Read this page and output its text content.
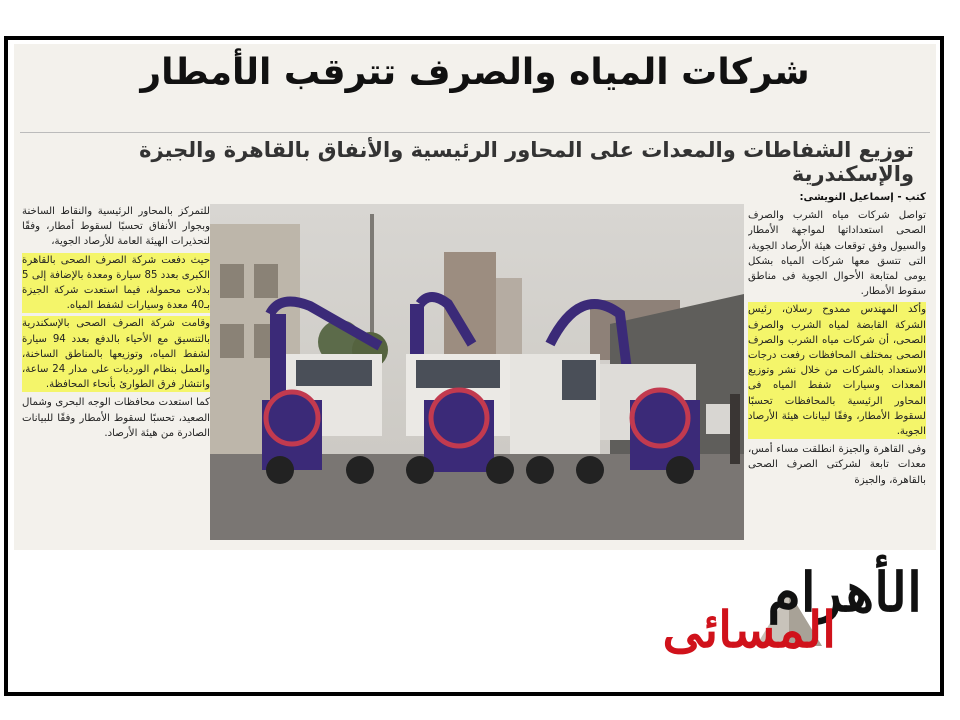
شركات المياه والصرف تترقب الأمطار
توزيع الشفاطات والمعدات على المحاور الرئيسية والأنفاق بالقاهرة والجيزة والإسكندرية

كتب - إسماعيل النويشى:

تواصل شركات مياه الشرب والصرف الصحى استعداداتها لمواجهة الأمطار والسيول وفق توقعات هيئة الأرصاد الجوية، التى تتسق معها شركات المياه بشكل يومى لمتابعة الأحوال الجوية فى مناطق سقوط الأمطار.

وأكد المهندس ممدوح رسلان، رئيس الشركة القابضة لمياه الشرب والصرف الصحى، أن شركات مياه الشرب والصرف الصحى بمختلف المحافظات رفعت درجات الاستعداد بالشركات من خلال نشر وتوزيع المعدات وسيارات شفط المياه فى المحاور الرئيسية بالمحافظات تحسبًا لسقوط الأمطار، وفقًا لبيانات هيئة الأرصاد الجوية.

وفى القاهرة والجيزة انطلقت مساء أمس، معدات تابعة لشركتى الصرف الصحى بالقاهرة، والجيزة

للتمركز بالمحاور الرئيسية والنقاط الساخنة وبجوار الأنفاق تحسبًا لسقوط أمطار، وفقًا لتحذيرات الهيئة العامة للأرصاد الجوية،

حيث دفعت شركة الصرف الصحى بالقاهرة الكبرى بعدد 85 سيارة ومعدة بالإضافة إلى 5 بدلات محمولة، فيما استعدت شركة الجيزة بـ40 معدة وسيارات لشفط المياه.

وقامت شركة الصرف الصحى بالإسكندرية بالتنسيق مع الأحياء بالدفع بعدد 94 سيارة لشفط المياه، وتوزيعها بالمناطق الساخنة، والعمل بنظام الورديات على مدار 24 ساعة، وانتشار فرق الطوارئ بأنحاء المحافظة.

كما استعدت محافظات الوجه البحرى وشمال الصعيد، تحسبًا لسقوط الأمطار وفقًا للبيانات الصادرة من هيئة الأرصاد.

الأهرام
المسائى
